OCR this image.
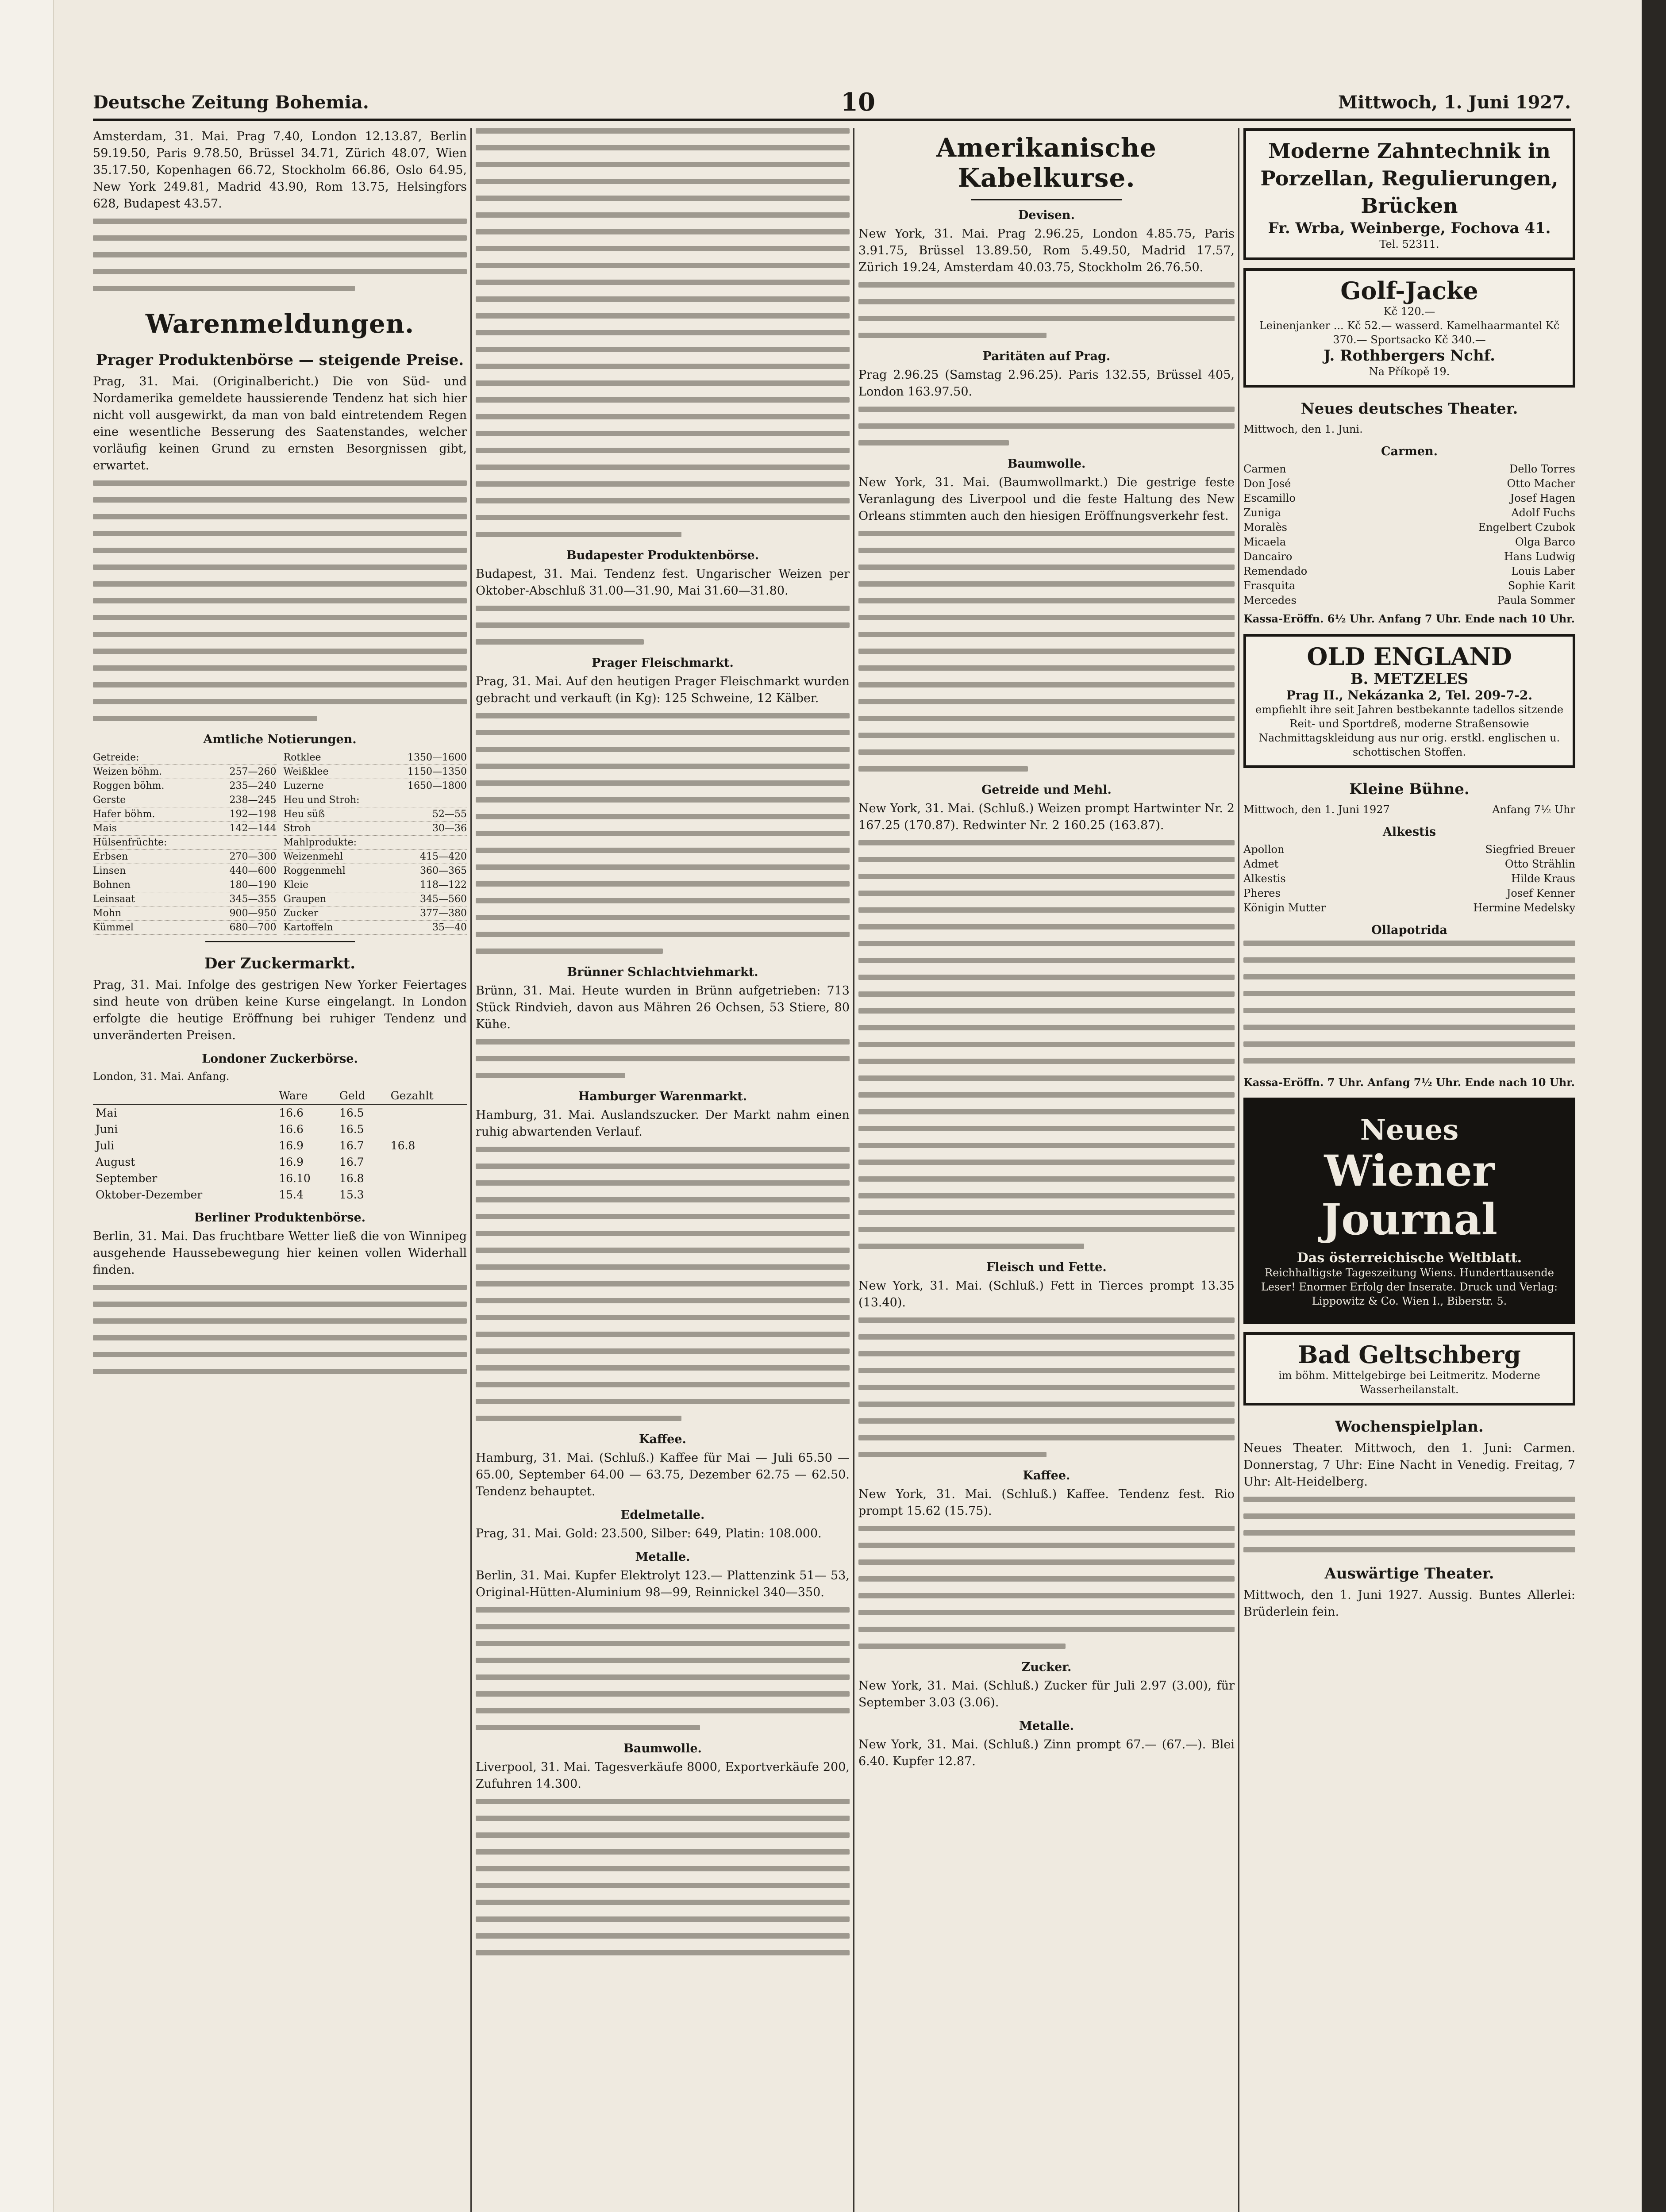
Deutsche Zeitung Bohemia.	10	Mittwoch, 1. Juni 1927.

Amsterdam, 31. Mai. Prag 7.40, London 12.13.87, Berlin 59.19.50, Paris 9.78.50, Brüssel 34.71, Zürich 48.07, Wien 35.17.50, Kopenhagen 66.72, Stockholm 66.86, Oslo 64.95, New York 249.81, Madrid 43.90, Rom 13.75, Helsingfors 628, Budapest 43.57.

Warenmeldungen.
Prager Produktenbörse — steigende Preise.

Prag, 31. Mai. (Originalbericht.) Die von Süd- und Nordamerika gemeldete haussierende Tendenz hat sich hier nicht voll ausgewirkt, da man von bald eintretendem Regen eine wesentliche Besserung des Saatenstandes, welcher vorläufig keinen Grund zu ernsten Besorgnissen gibt, erwartet.

Amtliche Notierungen.
Getreide:
Weizen böhm.	257—260
Roggen böhm.	235—240
Gerste	238—245
Hafer böhm.	192—198
Mais	142—144
Hülsenfrüchte:
Erbsen	270—300
Linsen	440—600
Bohnen	180—190
Leinsaat	345—355
Mohn	900—950
Kümmel	680—700
Rotklee	1350—1600
Weißklee	1150—1350
Luzerne	1650—1800
Heu und Stroh:
Heu süß	52—55
Stroh	30—36
Mahlprodukte:
Weizenmehl	415—420
Roggenmehl	360—365
Kleie	118—122
Graupen	345—560
Zucker	377—380
Kartoffeln	35—40
Der Zuckermarkt.

Prag, 31. Mai. Infolge des gestrigen New Yorker Feiertages sind heute von drüben keine Kurse eingelangt. In London erfolgte die heutige Eröffnung bei ruhiger Tendenz und unveränderten Preisen.

Londoner Zuckerbörse.

London, 31. Mai. Anfang.

	Ware	Geld	Gezahlt
Mai	16.6	16.5	
Juni	16.6	16.5	
Juli	16.9	16.7	16.8
August	16.9	16.7	
September	16.10	16.8	
Oktober-Dezember	15.4	15.3	
Berliner Produktenbörse.

Berlin, 31. Mai. Das fruchtbare Wetter ließ die von Winnipeg ausgehende Haussebewegung hier keinen vollen Widerhall finden.

Budapester Produktenbörse.

Budapest, 31. Mai. Tendenz fest. Ungarischer Weizen per Oktober-Abschluß 31.00—31.90, Mai 31.60—31.80.

Prager Fleischmarkt.

Prag, 31. Mai. Auf den heutigen Prager Fleischmarkt wurden gebracht und verkauft (in Kg): 125 Schweine, 12 Kälber.

Brünner Schlachtviehmarkt.

Brünn, 31. Mai. Heute wurden in Brünn aufgetrieben: 713 Stück Rindvieh, davon aus Mähren 26 Ochsen, 53 Stiere, 80 Kühe.

Hamburger Warenmarkt.

Hamburg, 31. Mai. Auslandszucker. Der Markt nahm einen ruhig abwartenden Verlauf.

Kaffee.

Hamburg, 31. Mai. (Schluß.) Kaffee für Mai — Juli 65.50 — 65.00, September 64.00 — 63.75, Dezember 62.75 — 62.50. Tendenz behauptet.

Edelmetalle.

Prag, 31. Mai. Gold: 23.500, Silber: 649, Platin: 108.000.

Metalle.

Berlin, 31. Mai. Kupfer Elektrolyt 123.— Plattenzink 51— 53, Original-Hütten-Aluminium 98—99, Reinnickel 340—350.

Baumwolle.

Liverpool, 31. Mai. Tagesverkäufe 8000, Exportverkäufe 200, Zufuhren 14.300.

Amerikanische Kabelkurse.
Devisen.

New York, 31. Mai. Prag 2.96.25, London 4.85.75, Paris 3.91.75, Brüssel 13.89.50, Rom 5.49.50, Madrid 17.57, Zürich 19.24, Amsterdam 40.03.75, Stockholm 26.76.50.

Paritäten auf Prag.

Prag 2.96.25 (Samstag 2.96.25). Paris 132.55, Brüssel 405, London 163.97.50.

Baumwolle.

New York, 31. Mai. (Baumwollmarkt.) Die gestrige feste Veranlagung des Liverpool und die feste Haltung des New Orleans stimmten auch den hiesigen Eröffnungsverkehr fest.

Getreide und Mehl.

New York, 31. Mai. (Schluß.) Weizen prompt Hartwinter Nr. 2 167.25 (170.87). Redwinter Nr. 2 160.25 (163.87).

Fleisch und Fette.

New York, 31. Mai. (Schluß.) Fett in Tierces prompt 13.35 (13.40).

Kaffee.

New York, 31. Mai. (Schluß.) Kaffee. Tendenz fest. Rio prompt 15.62 (15.75).

Zucker.

New York, 31. Mai. (Schluß.) Zucker für Juli 2.97 (3.00), für September 3.03 (3.06).

Metalle.

New York, 31. Mai. (Schluß.) Zinn prompt 67.— (67.—). Blei 6.40. Kupfer 12.87.

Moderne Zahntechnik in Porzellan, Regulierungen, Brücken
Fr. Wrba, Weinberge, Fochova 41.
Tel. 52311.
Golf-Jacke
Kč 120.—
Leinenjanker ... Kč 52.— wasserd. Kamelhaarmantel Kč 370.— Sportsacko Kč 340.—
J. Rothbergers Nchf.
Na Příkopě 19.
Neues deutsches Theater.

Mittwoch, den 1. Juni.

Carmen.
Carmen	Dello Torres
Don José	Otto Macher
Escamillo	Josef Hagen
Zuniga	Adolf Fuchs
Moralès	Engelbert Czubok
Micaela	Olga Barco
Dancairo	Hans Ludwig
Remendado	Louis Laber
Frasquita	Sophie Karit
Mercedes	Paula Sommer

Kassa-Eröffn. 6½ Uhr. Anfang 7 Uhr. Ende nach 10 Uhr.

OLD ENGLAND
B. METZELES
Prag II., Nekázanka 2, Tel. 209-7-2.
empfiehlt ihre seit Jahren bestbekannte tadellos sitzende Reit- und Sportdreß, moderne Straßensowie Nachmittagskleidung aus nur orig. erstkl. englischen u. schottischen Stoffen.
Kleine Bühne.
Mittwoch, den 1. Juni 1927	Anfang 7½ Uhr
Alkestis
Apollon	Siegfried Breuer
Admet	Otto Strählin
Alkestis	Hilde Kraus
Pheres	Josef Kenner
Königin Mutter	Hermine Medelsky
Ollapotrida

Kassa-Eröffn. 7 Uhr. Anfang 7½ Uhr. Ende nach 10 Uhr.

Neues
Wiener Journal
Das österreichische Weltblatt.
Reichhaltigste Tageszeitung Wiens. Hunderttausende Leser! Enormer Erfolg der Inserate. Druck und Verlag: Lippowitz & Co. Wien I., Biberstr. 5.
Bad Geltschberg
im böhm. Mittelgebirge bei Leitmeritz. Moderne Wasserheilanstalt.
Wochenspielplan.

Neues Theater. Mittwoch, den 1. Juni: Carmen. Donnerstag, 7 Uhr: Eine Nacht in Venedig. Freitag, 7 Uhr: Alt-Heidelberg.

Auswärtige Theater.

Mittwoch, den 1. Juni 1927. Aussig. Buntes Allerlei: Brüderlein fein.
